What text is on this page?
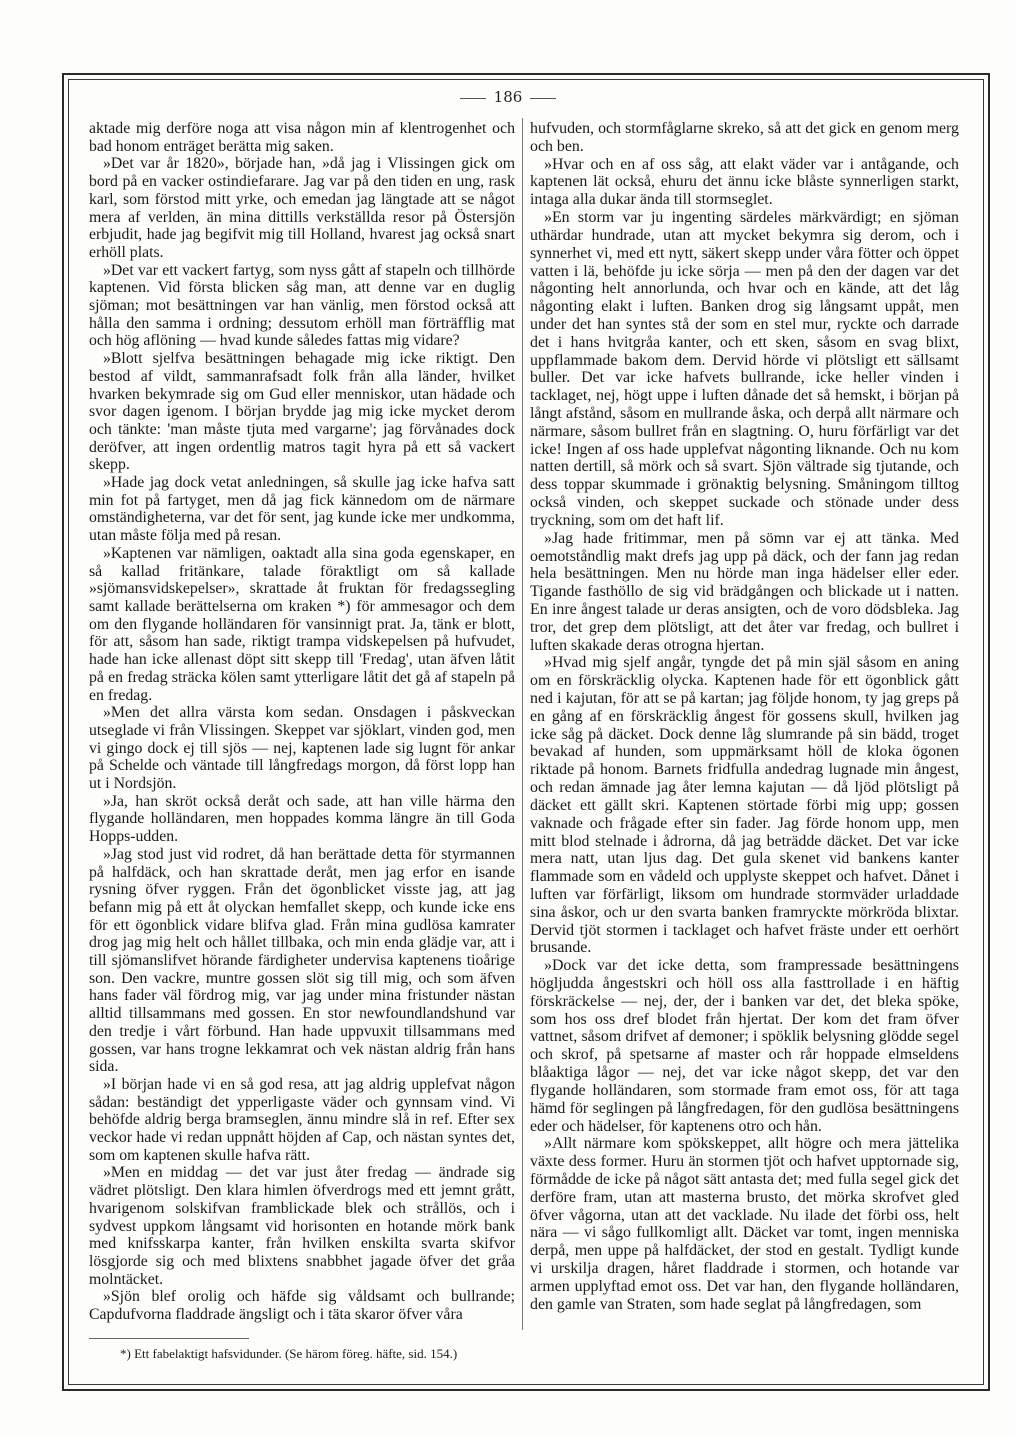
186

aktade mig derföre noga att visa någon min af klentrogenhet och bad honom enträget berätta mig saken.

»Det var år 1820», började han, »då jag i Vlissingen gick om bord på en vacker ostindiefarare. Jag var på den tiden en ung, rask karl, som förstod mitt yrke, och emedan jag längtade att se något mera af verlden, än mina dittills verkställda resor på Östersjön erbjudit, hade jag begifvit mig till Holland, hvarest jag också snart erhöll plats.

»Det var ett vackert fartyg, som nyss gått af stapeln och tillhörde kaptenen. Vid första blicken såg man, att denne var en duglig sjöman; mot besättningen var han vänlig, men förstod också att hålla den samma i ordning; dessutom erhöll man förträfflig mat och hög aflöning — hvad kunde således fattas mig vidare?

»Blott sjelfva besättningen behagade mig icke riktigt. Den bestod af vildt, sammanrafsadt folk från alla länder, hvilket hvarken bekymrade sig om Gud eller menniskor, utan hädade och svor dagen igenom. I början brydde jag mig icke mycket derom och tänkte: 'man måste tjuta med vargarne'; jag förvånades dock deröfver, att ingen ordentlig matros tagit hyra på ett så vackert skepp.

»Hade jag dock vetat anledningen, så skulle jag icke hafva satt min fot på fartyget, men då jag fick kännedom om de närmare omständigheterna, var det för sent, jag kunde icke mer undkomma, utan måste följa med på resan.

»Kaptenen var nämligen, oaktadt alla sina goda egenskaper, en så kallad fritänkare, talade föraktligt om så kallade »sjömansvidskepelser», skrattade åt fruktan för fredagssegling samt kallade berättelserna om kraken *) för ammesagor och dem om den flygande holländaren för vansinnigt prat. Ja, tänk er blott, för att, såsom han sade, riktigt trampa vidskepelsen på hufvudet, hade han icke allenast döpt sitt skepp till 'Fredag', utan äfven låtit på en fredag sträcka kölen samt ytterligare låtit det gå af stapeln på en fredag.

»Men det allra värsta kom sedan. Onsdagen i påskveckan utseglade vi från Vlissingen. Skeppet var sjöklart, vinden god, men vi gingo dock ej till sjös — nej, kaptenen lade sig lugnt för ankar på Schelde och väntade till långfredags morgon, då först lopp han ut i Nordsjön.

»Ja, han skröt också deråt och sade, att han ville härma den flygande holländaren, men hoppades komma längre än till Goda Hopps-udden.

»Jag stod just vid rodret, då han berättade detta för styrmannen på halfdäck, och han skrattade deråt, men jag erfor en isande rysning öfver ryggen. Från det ögonblicket visste jag, att jag befann mig på ett åt olyckan hemfallet skepp, och kunde icke ens för ett ögonblick vidare blifva glad. Från mina gudlösa kamrater drog jag mig helt och hållet tillbaka, och min enda glädje var, att i till sjömanslifvet hörande färdigheter undervisa kaptenens tioårige son. Den vackre, muntre gossen slöt sig till mig, och som äfven hans fader väl fördrog mig, var jag under mina fristunder nästan alltid tillsammans med gossen. En stor newfoundlandshund var den tredje i vårt förbund. Han hade uppvuxit tillsammans med gossen, var hans trogne lekkamrat och vek nästan aldrig från hans sida.

»I början hade vi en så god resa, att jag aldrig upplefvat någon sådan: beständigt det ypperligaste väder och gynnsam vind. Vi behöfde aldrig berga bramseglen, ännu mindre slå in ref. Efter sex veckor hade vi redan uppnått höjden af Cap, och nästan syntes det, som om kaptenen skulle hafva rätt.

»Men en middag — det var just åter fredag — ändrade sig vädret plötsligt. Den klara himlen öfverdrogs med ett jemnt grått, hvarigenom solskifvan framblickade blek och strållös, och i sydvest uppkom långsamt vid horisonten en hotande mörk bank med knifsskarpa kanter, från hvilken enskilta svarta skifvor lösgjorde sig och med blixtens snabbhet jagade öfver det gråa molntäcket.

»Sjön blef orolig och häfde sig våldsamt och bullrande; Capdufvorna fladdrade ängsligt och i täta skaror öfver våra

hufvuden, och stormfåglarne skreko, så att det gick en genom merg och ben.

»Hvar och en af oss såg, att elakt väder var i antågande, och kaptenen lät också, ehuru det ännu icke blåste synnerligen starkt, intaga alla dukar ända till stormseglet.

»En storm var ju ingenting särdeles märkvärdigt; en sjöman uthärdar hundrade, utan att mycket bekymra sig derom, och i synnerhet vi, med ett nytt, säkert skepp under våra fötter och öppet vatten i lä, behöfde ju icke sörja — men på den der dagen var det någonting helt annorlunda, och hvar och en kände, att det låg någonting elakt i luften. Banken drog sig långsamt uppåt, men under det han syntes stå der som en stel mur, ryckte och darrade det i hans hvitgråa kanter, och ett sken, såsom en svag blixt, uppflammade bakom dem. Dervid hörde vi plötsligt ett sällsamt buller. Det var icke hafvets bullrande, icke heller vinden i tacklaget, nej, högt uppe i luften dånade det så hemskt, i början på långt afstånd, såsom en mullrande åska, och derpå allt närmare och närmare, såsom bullret från en slagtning. O, huru förfärligt var det icke! Ingen af oss hade upplefvat någonting liknande. Och nu kom natten dertill, så mörk och så svart. Sjön vältrade sig tjutande, och dess toppar skummade i grönaktig belysning. Småningom tilltog också vinden, och skeppet suckade och stönade under dess tryckning, som om det haft lif.

»Jag hade fritimmar, men på sömn var ej att tänka. Med oemotståndlig makt drefs jag upp på däck, och der fann jag redan hela besättningen. Men nu hörde man inga hädelser eller eder. Tigande fasthöllo de sig vid brädgången och blickade ut i natten. En inre ångest talade ur deras ansigten, och de voro dödsbleka. Jag tror, det grep dem plötsligt, att det åter var fredag, och bullret i luften skakade deras otrogna hjertan.

»Hvad mig sjelf angår, tyngde det på min själ såsom en aning om en förskräcklig olycka. Kaptenen hade för ett ögonblick gått ned i kajutan, för att se på kartan; jag följde honom, ty jag greps på en gång af en förskräcklig ångest för gossens skull, hvilken jag icke såg på däcket. Dock denne låg slumrande på sin bädd, troget bevakad af hunden, som uppmärksamt höll de kloka ögonen riktade på honom. Barnets fridfulla andedrag lugnade min ångest, och redan ämnade jag åter lemna kajutan — då ljöd plötsligt på däcket ett gällt skri. Kaptenen störtade förbi mig upp; gossen vaknade och frågade efter sin fader. Jag förde honom upp, men mitt blod stelnade i ådrorna, då jag beträdde däcket. Det var icke mera natt, utan ljus dag. Det gula skenet vid bankens kanter flammade som en vådeld och upplyste skeppet och hafvet. Dånet i luften var förfärligt, liksom om hundrade stormväder urladdade sina åskor, och ur den svarta banken framryckte mörkröda blixtar. Dervid tjöt stormen i tacklaget och hafvet fräste under ett oerhört brusande.

»Dock var det icke detta, som frampressade besättningens högljudda ångestskri och höll oss alla fasttrollade i en häftig förskräckelse — nej, der, der i banken var det, det bleka spöke, som hos oss dref blodet från hjertat. Der kom det fram öfver vattnet, såsom drifvet af demoner; i spöklik belysning glödde segel och skrof, på spetsarne af master och rår hoppade elmseldens blåaktiga lågor — nej, det var icke något skepp, det var den flygande holländaren, som stormade fram emot oss, för att taga hämd för seglingen på långfredagen, för den gudlösa besättningens eder och hädelser, för kaptenens otro och hån.

»Allt närmare kom spökskeppet, allt högre och mera jättelika växte dess former. Huru än stormen tjöt och hafvet upptornade sig, förmådde de icke på något sätt antasta det; med fulla segel gick det derföre fram, utan att masterna brusto, det mörka skrofvet gled öfver vågorna, utan att det vacklade. Nu ilade det förbi oss, helt nära — vi sågo fullkomligt allt. Däcket var tomt, ingen menniska derpå, men uppe på halfdäcket, der stod en gestalt. Tydligt kunde vi urskilja dragen, håret fladdrade i stormen, och hotande var armen upplyftad emot oss. Det var han, den flygande holländaren, den gamle van Straten, som hade seglat på långfredagen, som

*) Ett fabelaktigt hafsvidunder. (Se härom föreg. häfte, sid. 154.)
